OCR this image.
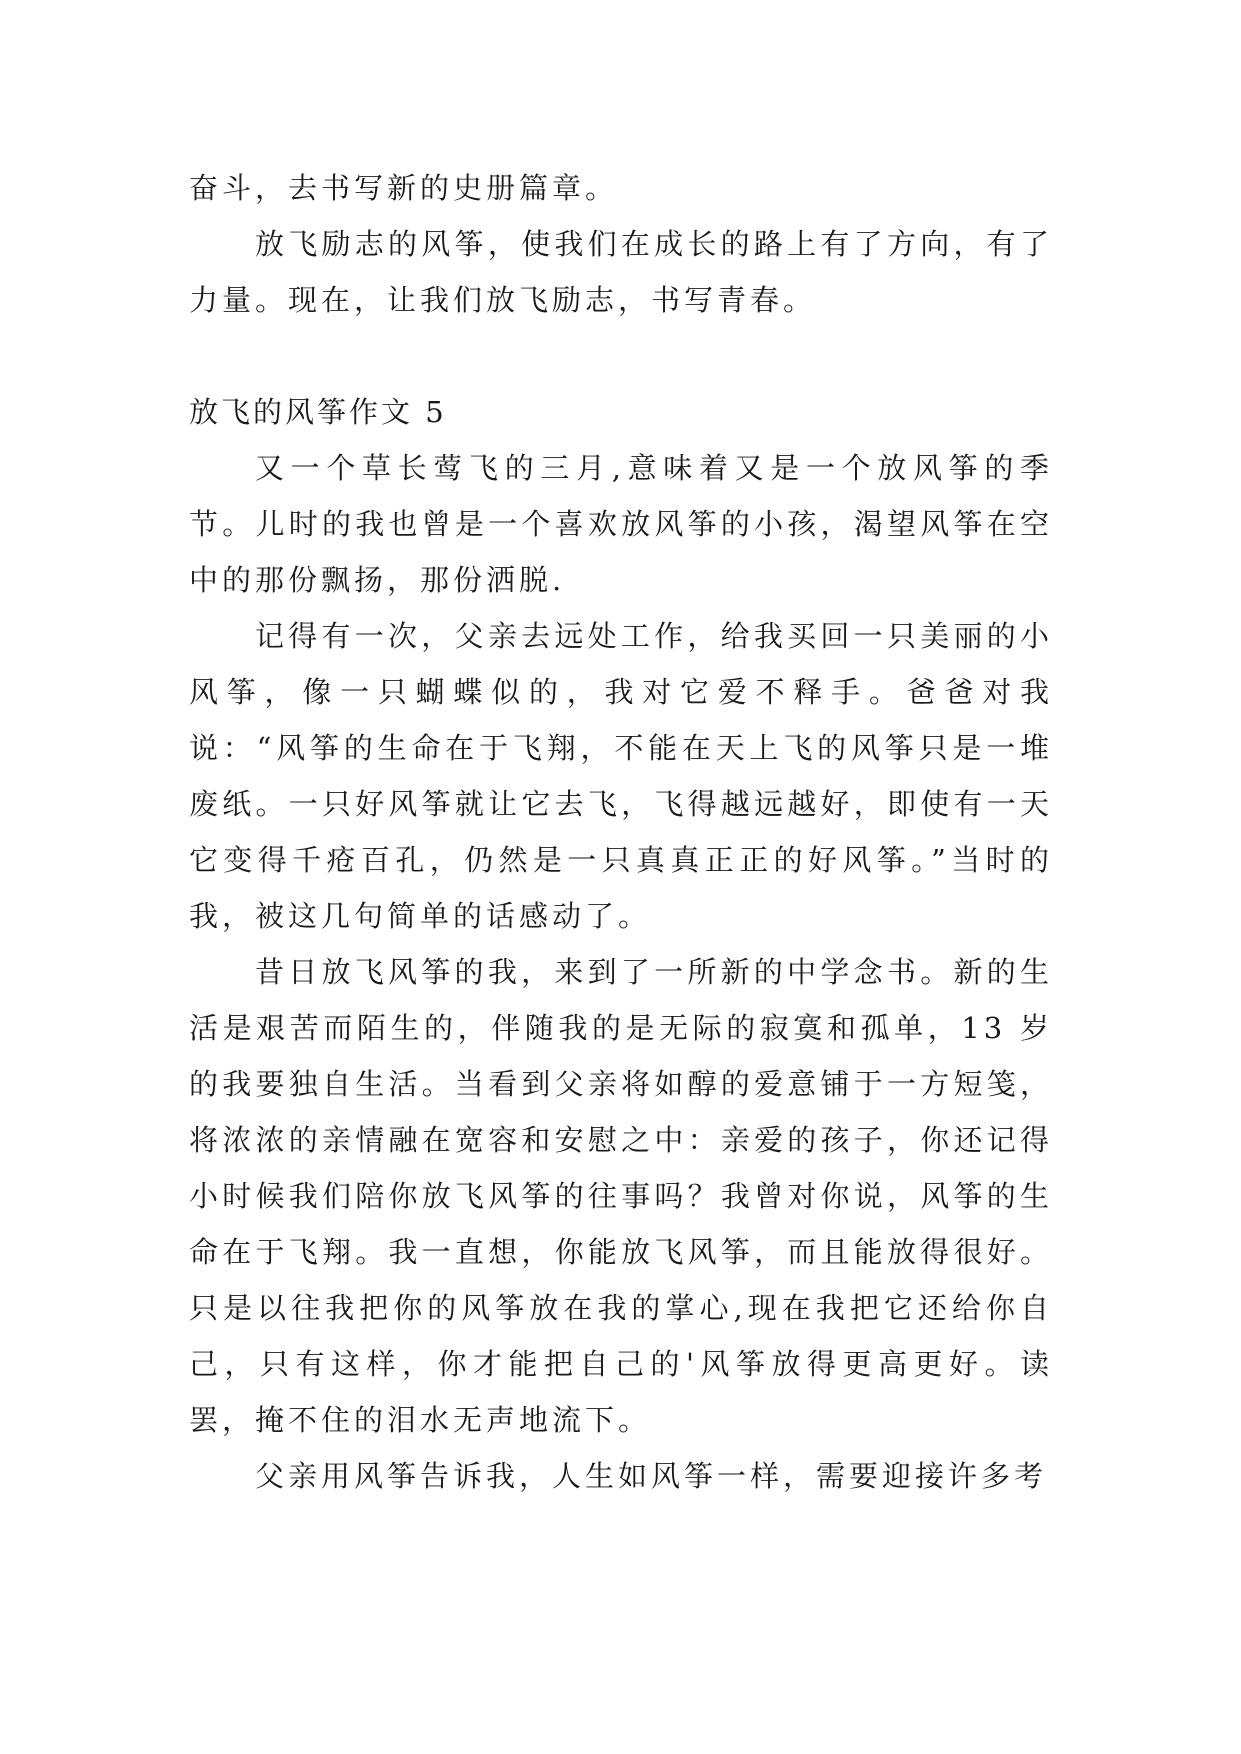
奋斗，去书写新的史册篇章。

放飞励志的风筝，使我们在成长的路上有了方向，有了力量。现在，让我们放飞励志，书写青春。

放飞的风筝作文 5

又一个草长莺飞的三月,意味着又是一个放风筝的季节。儿时的我也曾是一个喜欢放风筝的小孩，渴望风筝在空中的那份飘扬，那份洒脱.

记得有一次，父亲去远处工作，给我买回一只美丽的小风筝，像一只蝴蝶似的，我对它爱不释手。爸爸对我说：“风筝的生命在于飞翔，不能在天上飞的风筝只是一堆废纸。一只好风筝就让它去飞，飞得越远越好，即使有一天它变得千疮百孔，仍然是一只真真正正的好风筝。”当时的我，被这几句简单的话感动了。

昔日放飞风筝的我，来到了一所新的中学念书。新的生活是艰苦而陌生的，伴随我的是无际的寂寞和孤单，13 岁的我要独自生活。当看到父亲将如醇的爱意铺于一方短笺，将浓浓的亲情融在宽容和安慰之中：亲爱的孩子，你还记得小时候我们陪你放飞风筝的往事吗？我曾对你说，风筝的生命在于飞翔。我一直想，你能放飞风筝，而且能放得很好。只是以往我把你的风筝放在我的掌心,现在我把它还给你自己，只有这样，你才能把自己的'风筝放得更高更好。读罢，掩不住的泪水无声地流下。

父亲用风筝告诉我，人生如风筝一样，需要迎接许多考
